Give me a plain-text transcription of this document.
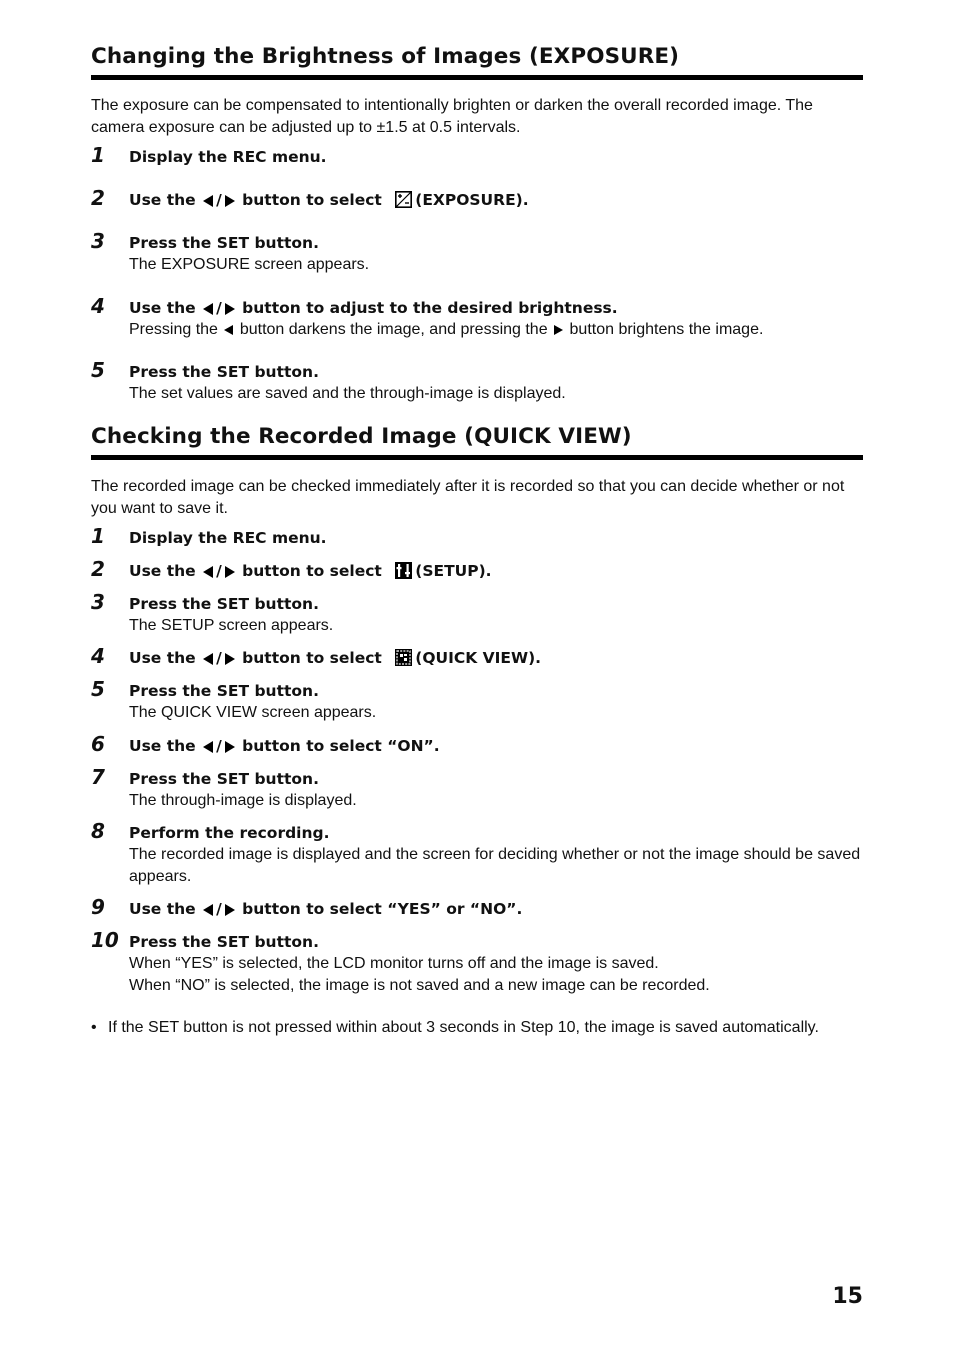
Changing the Brightness of Images (EXPOSURE)

The exposure can be compensated to intentionally brighten or darken the overall recorded image. The camera exposure can be adjusted up to ±1.5 at 0.5 intervals.

1 Display the REC menu.
2 Use the / button to select (EXPOSURE).
3 Press the SET button.
The EXPOSURE screen appears.
4 Use the / button to adjust to the desired brightness.
Pressing the button darkens the image, and pressing the button brightens the image.
5 Press the SET button.
The set values are saved and the through-image is displayed.
Checking the Recorded Image (QUICK VIEW)

The recorded image can be checked immediately after it is recorded so that you can decide whether or not you want to save it.

1 Display the REC menu.
2 Use the / button to select (SETUP).
3 Press the SET button.
The SETUP screen appears.
4 Use the / button to select (QUICK VIEW).
5 Press the SET button.
The QUICK VIEW screen appears.
6 Use the / button to select “ON”.
7 Press the SET button.
The through-image is displayed.
8 Perform the recording.
The recorded image is displayed and the screen for deciding whether or not the image should be saved appears.
9 Use the / button to select “YES” or “NO”.
10 Press the SET button.
When “YES” is selected, the LCD monitor turns off and the image is saved.
When “NO” is selected, the image is not saved and a new image can be recorded.
• If the SET button is not pressed within about 3 seconds in Step 10, the image is saved automatically.
15
